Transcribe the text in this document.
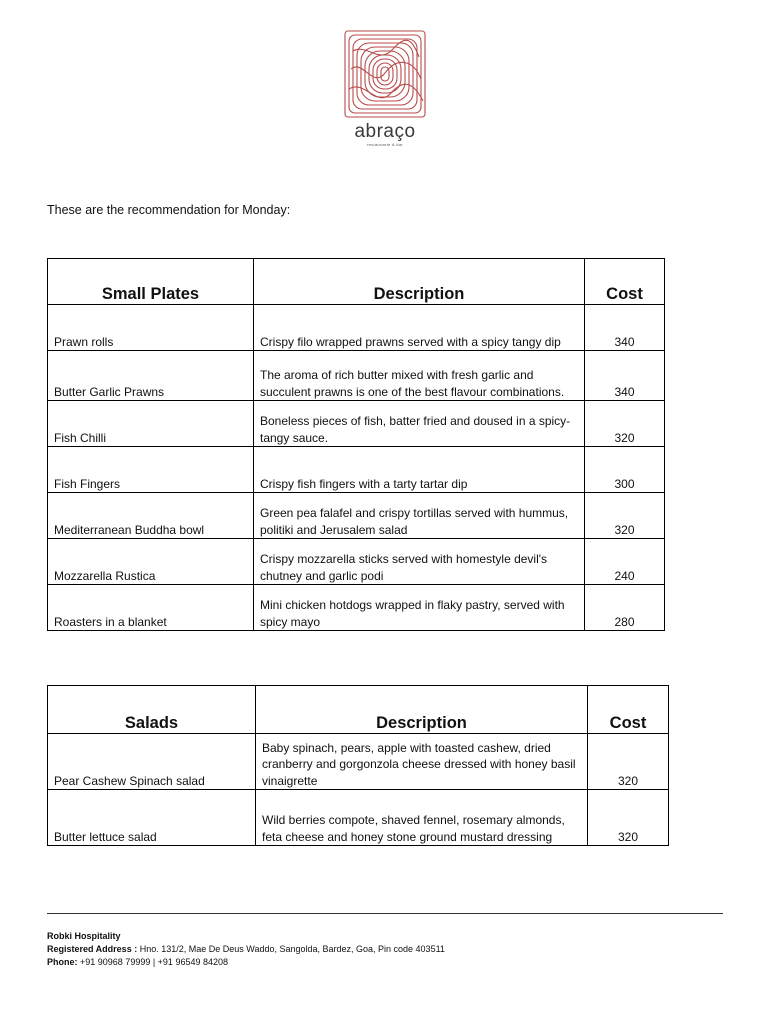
abraço
restaurante & bar
These are the recommendation for Monday:
Small Plates	Description	Cost
Prawn rolls	Crispy filo wrapped prawns served with a spicy tangy dip	340
Butter Garlic Prawns	The aroma of rich butter mixed with fresh garlic and succulent prawns is one of the best flavour combinations.	340
Fish Chilli	Boneless pieces of fish, batter fried and doused in a spicy-tangy sauce.	320
Fish Fingers	Crispy fish fingers with a tarty tartar dip	300
Mediterranean Buddha bowl	Green pea falafel and crispy tortillas served with hummus, politiki and Jerusalem salad	320
Mozzarella Rustica	Crispy mozzarella sticks served with homestyle devil's chutney and garlic podi	240
Roasters in a blanket	Mini chicken hotdogs wrapped in flaky pastry, served with spicy mayo	280
Salads	Description	Cost
Pear Cashew Spinach salad	Baby spinach, pears, apple with toasted cashew, dried cranberry and gorgonzola cheese dressed with honey basil vinaigrette	320
Butter lettuce salad	Wild berries compote, shaved fennel, rosemary almonds, feta cheese and honey stone ground mustard dressing	320
Robki Hospitality
Registered Address : Hno. 131/2, Mae De Deus Waddo, Sangolda, Bardez, Goa, Pin code 403511
Phone: +91 90968 79999 | +91 96549 84208
